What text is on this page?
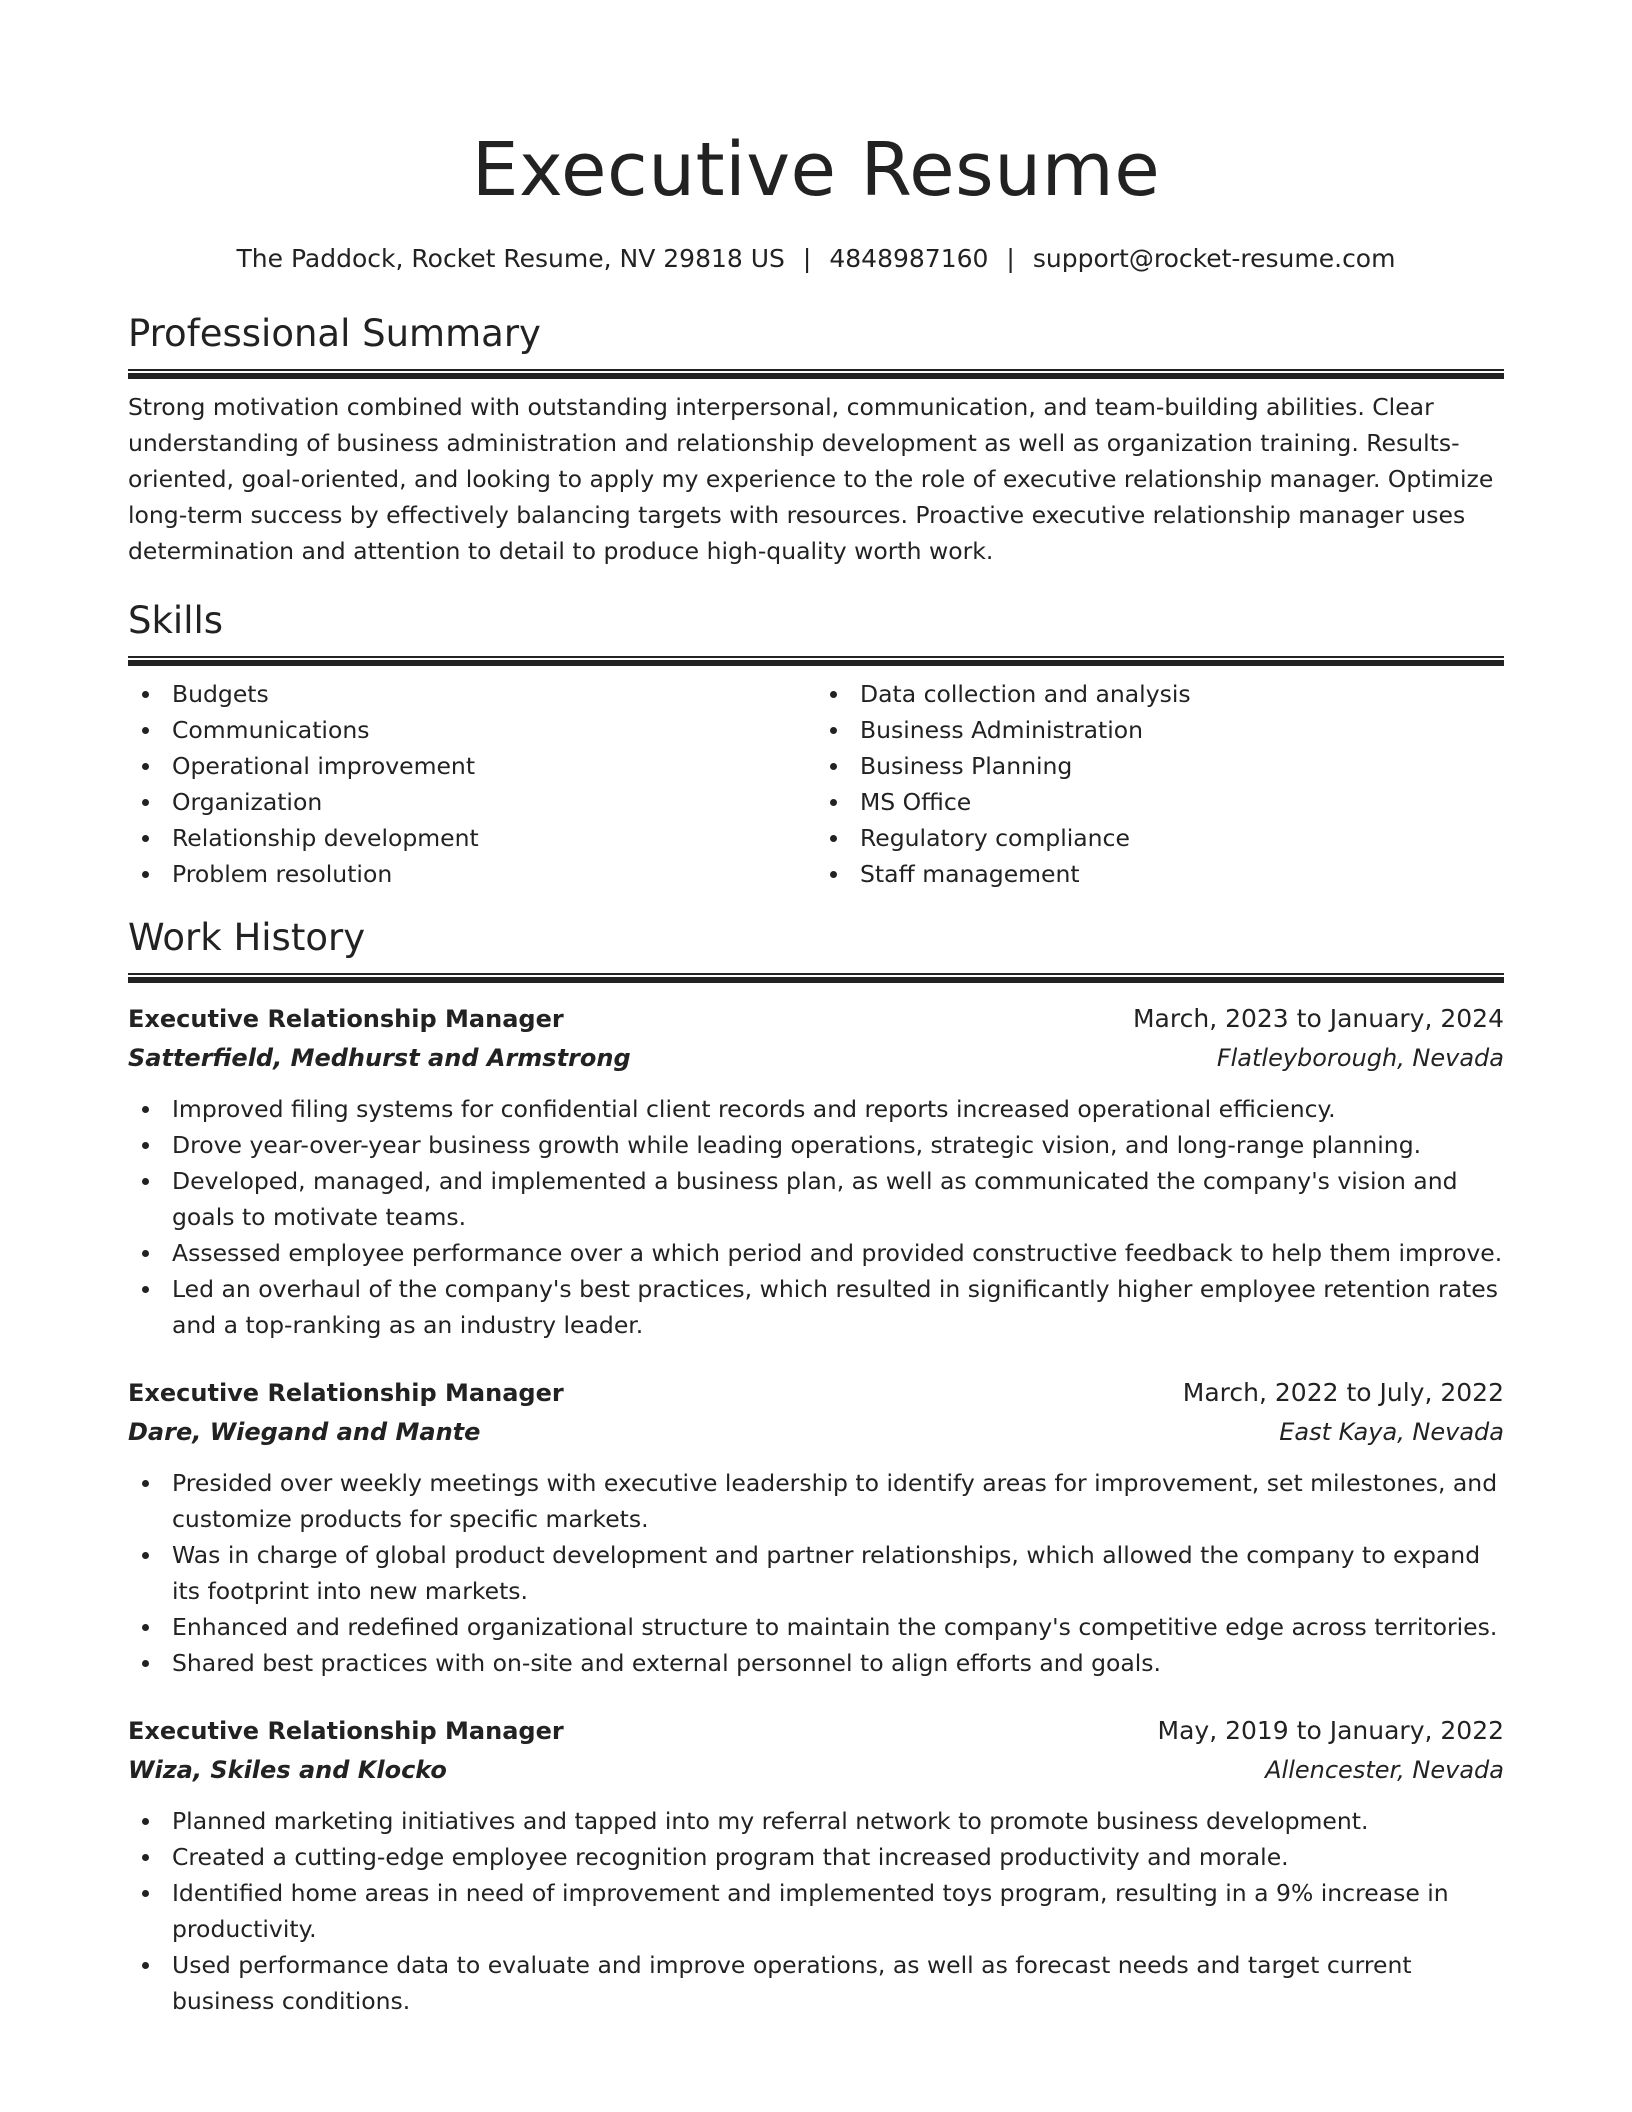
Executive Resume
The Paddock, Rocket Resume, NV 29818 US | 4848987160 | support@rocket-resume.com
Professional Summary

Strong motivation combined with outstanding interpersonal, communication, and team-building abilities. Clear understanding of business administration and relationship development as well as organization training. Results-oriented, goal-oriented, and looking to apply my experience to the role of executive relationship manager. Optimize long-term success by effectively balancing targets with resources. Proactive executive relationship manager uses determination and attention to detail to produce high-quality worth work.

Skills
Budgets
Communications
Operational improvement
Organization
Relationship development
Problem resolution
Data collection and analysis
Business Administration
Business Planning
MS Office
Regulatory compliance
Staff management
Work History
Executive Relationship Manager	March, 2023 to January, 2024
Satterfield, Medhurst and Armstrong	Flatleyborough, Nevada
Improved filing systems for confidential client records and reports increased operational efficiency.
Drove year-over-year business growth while leading operations, strategic vision, and long-range planning.
Developed, managed, and implemented a business plan, as well as communicated the company's vision and goals to motivate teams.
Assessed employee performance over a which period and provided constructive feedback to help them improve.
Led an overhaul of the company's best practices, which resulted in significantly higher employee retention rates and a top-ranking as an industry leader.
Executive Relationship Manager	March, 2022 to July, 2022
Dare, Wiegand and Mante	East Kaya, Nevada
Presided over weekly meetings with executive leadership to identify areas for improvement, set milestones, and customize products for specific markets.
Was in charge of global product development and partner relationships, which allowed the company to expand its footprint into new markets.
Enhanced and redefined organizational structure to maintain the company's competitive edge across territories.
Shared best practices with on-site and external personnel to align efforts and goals.
Executive Relationship Manager	May, 2019 to January, 2022
Wiza, Skiles and Klocko	Allencester, Nevada
Planned marketing initiatives and tapped into my referral network to promote business development.
Created a cutting-edge employee recognition program that increased productivity and morale.
Identified home areas in need of improvement and implemented toys program, resulting in a 9% increase in productivity.
Used performance data to evaluate and improve operations, as well as forecast needs and target current business conditions.
